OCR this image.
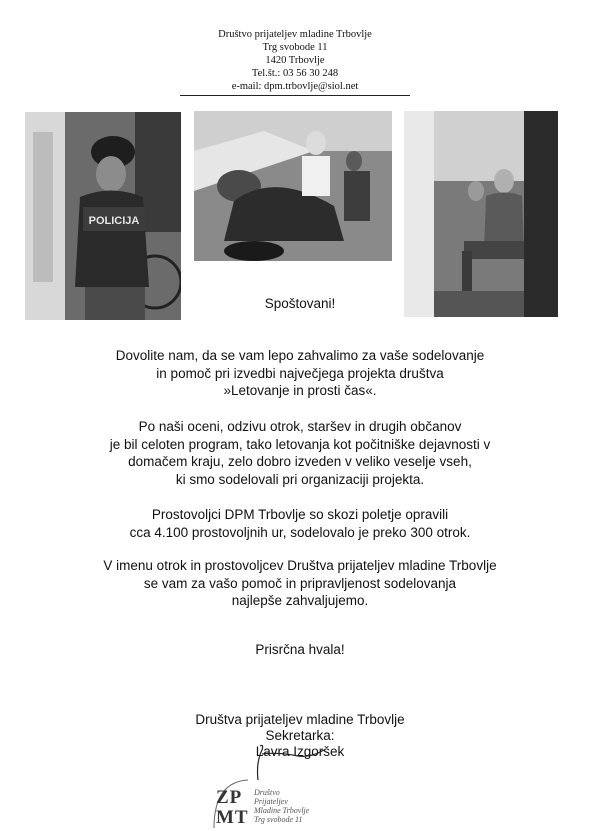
Društvo prijateljev mladine Trbovlje
Trg svobode 11
1420 Trbovlje
Tel.št.: 03 56 30 248
e-mail: dpm.trbovlje@siol.net
POLICIJA
Spoštovani!
Dovolite nam, da se vam lepo zahvalimo za vaše sodelovanje
in pomoč pri izvedbi največjega projekta društva
»Letovanje in prosti čas«.
Po naši oceni, odzivu otrok, staršev in drugih občanov
je bil celoten program, tako letovanja kot počitniške dejavnosti v
domačem kraju, zelo dobro izveden v veliko veselje vseh,
ki smo sodelovali pri organizaciji projekta.
Prostovoljci DPM Trbovlje so skozi poletje opravili
cca 4.100 prostovoljnih ur, sodelovalo je preko 300 otrok.
V imenu otrok in prostovoljcev Društva prijateljev mladine Trbovlje
se vam za vašo pomoč in pripravljenost sodelovanja
najlepše zahvaljujemo.
Prisrčna hvala!
Društva prijateljev mladine Trbovlje
Sekretarka:
Lavra Izgoršek
ZP MT
Društvo
Prijateljev
Mladine Trbovlje
Trg svobode 11
